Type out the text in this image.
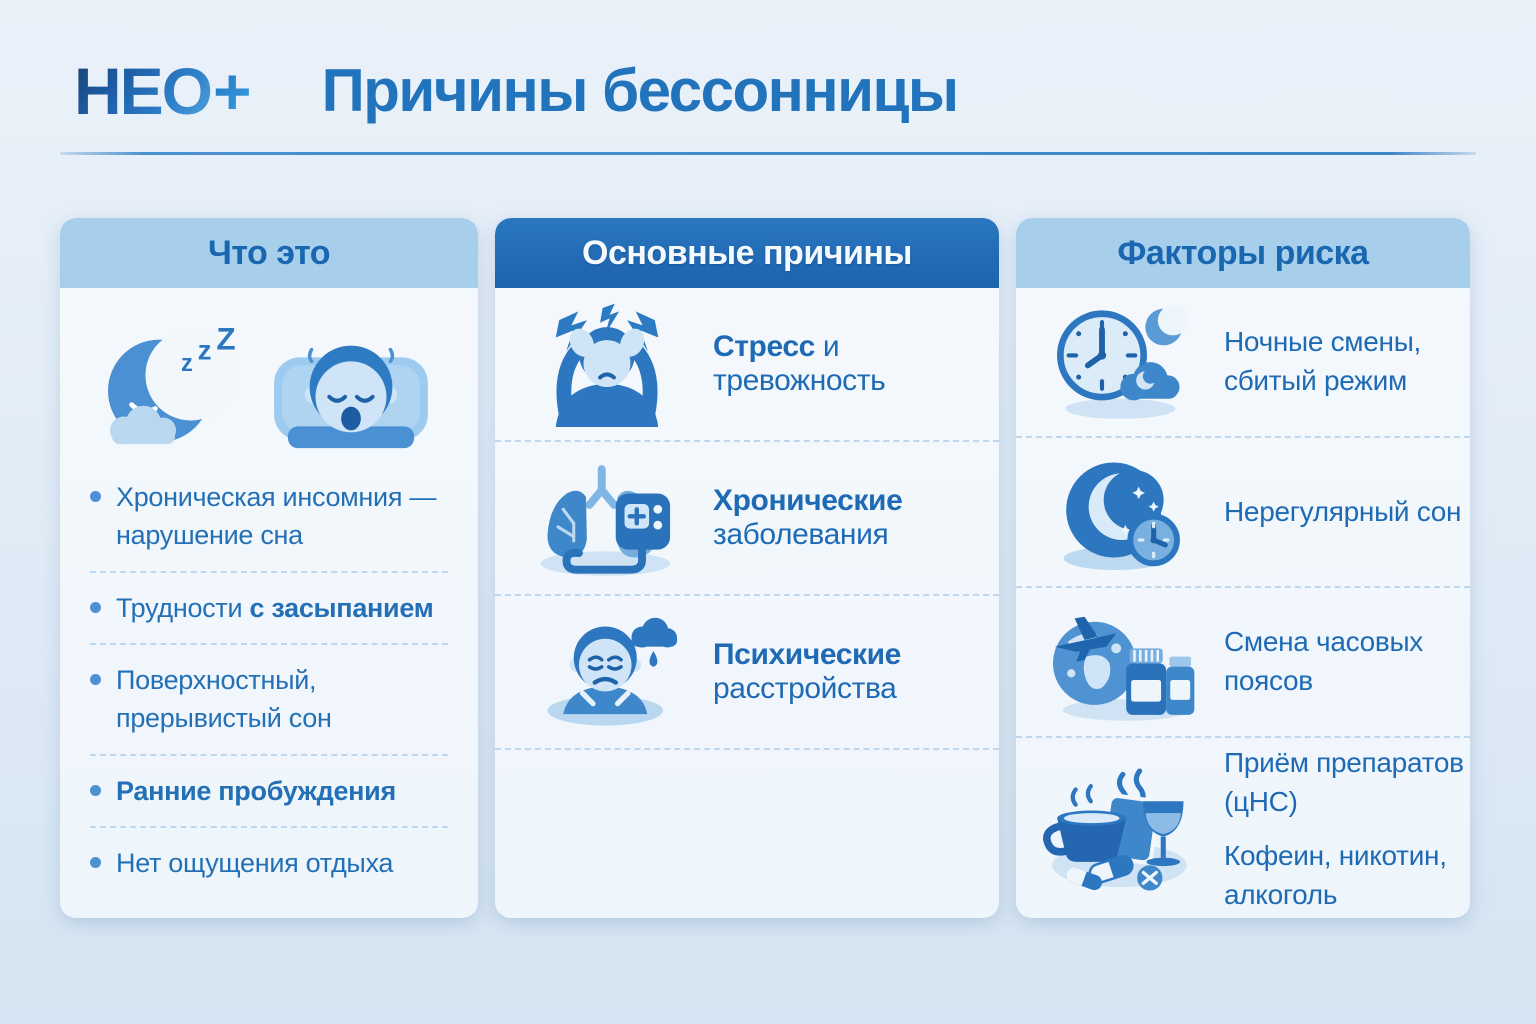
НЕО+ Причины бессонницы
Что это
z z Z

Хроническая инсомния — нарушение сна

Трудности с засыпанием

Поверхностный, прерывистый сон

Ранние пробуждения

Нет ощущения отдыха

Основные причины
Стресс и тревожность
Хронические заболевания
Психические расстройства
Факторы риска
Ночные смены,
сбитый режим
Нерегулярный сон
Смена часовых поясов
Приём препаратов (цНС)
Кофеин, никотин,
алкоголь
